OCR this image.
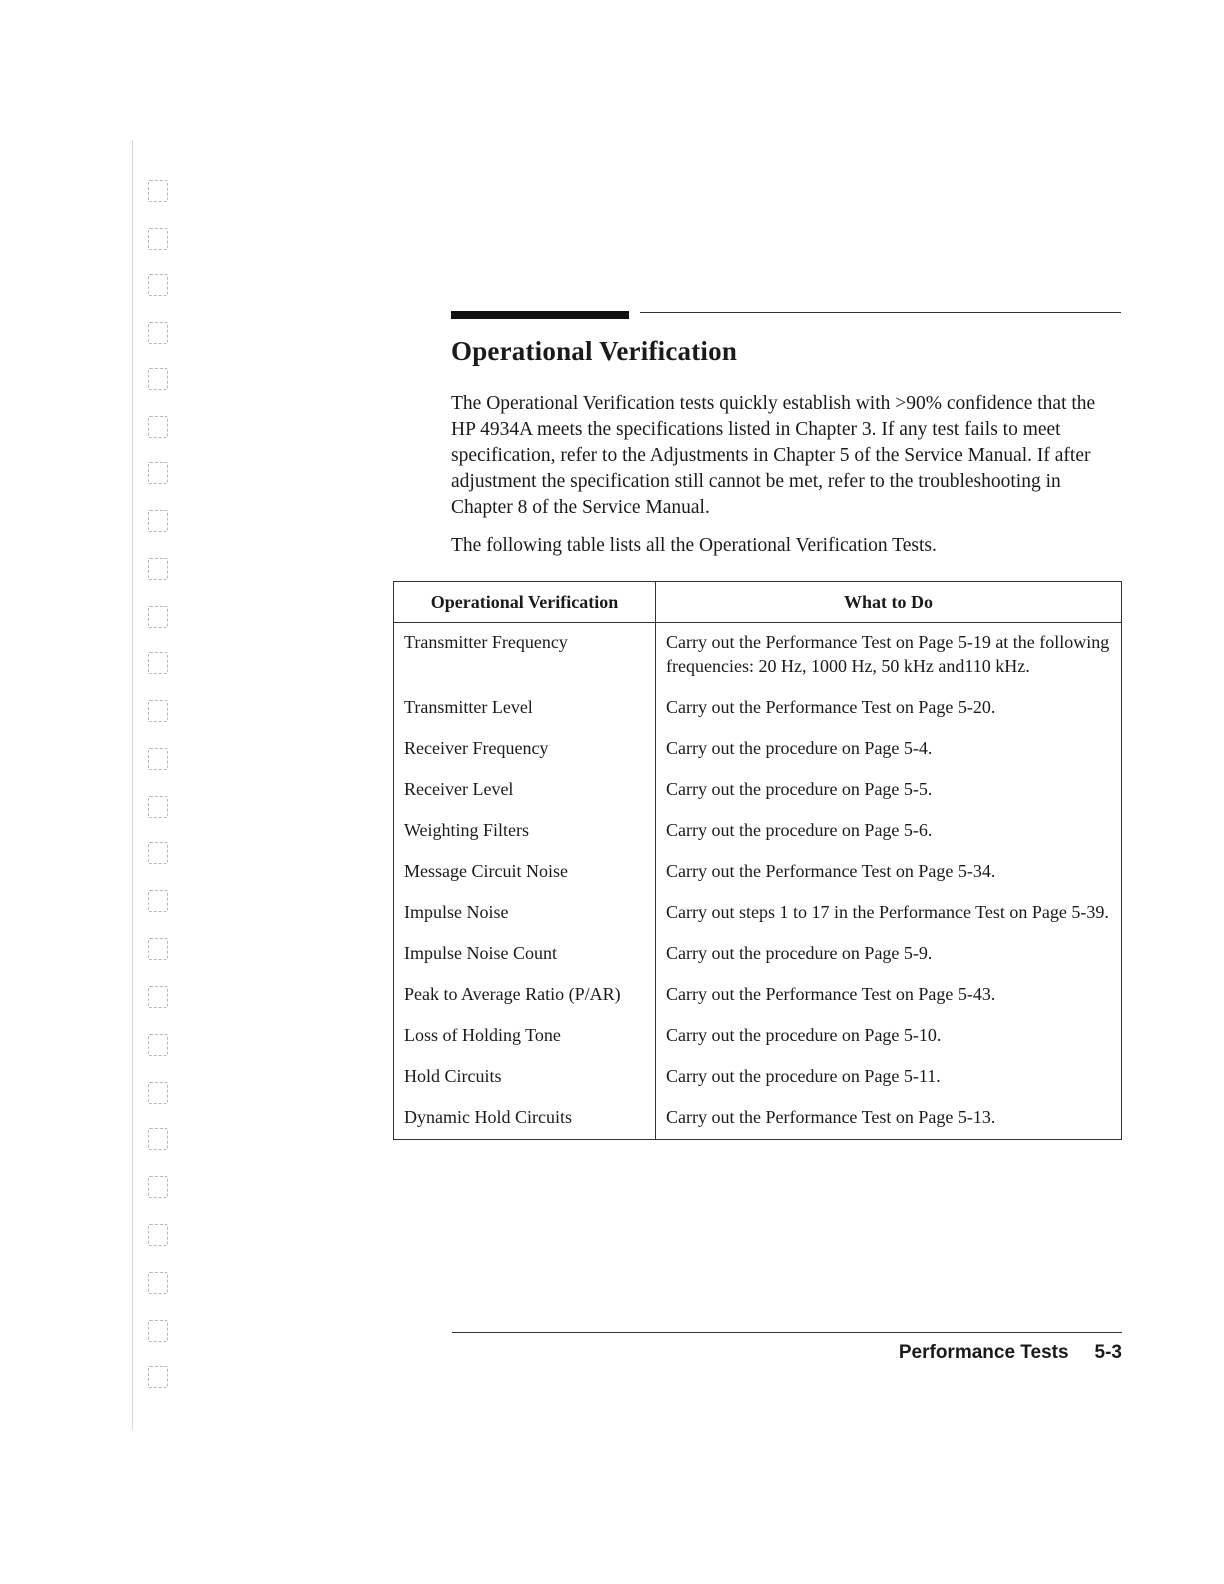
Operational Verification

The Operational Verification tests quickly establish with >90% confidence that the HP 4934A meets the specifications listed in Chapter 3. If any test fails to meet specification, refer to the Adjustments in Chapter 5 of the Service Manual. If after adjustment the specification still cannot be met, refer to the troubleshooting in Chapter 8 of the Service Manual.

The following table lists all the Operational Verification Tests.

Operational Verification	What to Do
Transmitter Frequency	Carry out the Performance Test on Page 5-19 at the following frequencies: 20 Hz, 1000 Hz, 50 kHz and110 kHz.
Transmitter Level	Carry out the Performance Test on Page 5-20.
Receiver Frequency	Carry out the procedure on Page 5-4.
Receiver Level	Carry out the procedure on Page 5-5.
Weighting Filters	Carry out the procedure on Page 5-6.
Message Circuit Noise	Carry out the Performance Test on Page 5-34.
Impulse Noise	Carry out steps 1 to 17 in the Performance Test on Page 5-39.
Impulse Noise Count	Carry out the procedure on Page 5-9.
Peak to Average Ratio (P/AR)	Carry out the Performance Test on Page 5-43.
Loss of Holding Tone	Carry out the procedure on Page 5-10.
Hold Circuits	Carry out the procedure on Page 5-11.
Dynamic Hold Circuits	Carry out the Performance Test on Page 5-13.
Performance Tests 5-3
